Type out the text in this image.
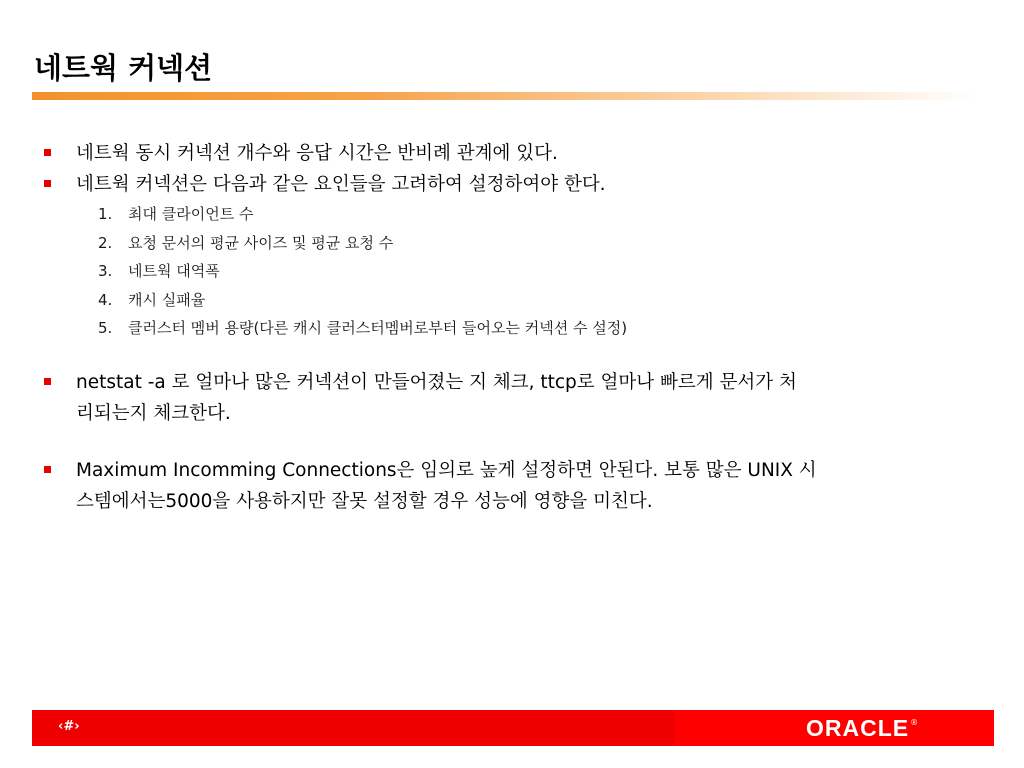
네트웍 커넥션
네트웍 동시 커넥션 개수와 응답 시간은 반비례 관계에 있다.
네트웍 커넥션은 다음과 같은 요인들을 고려하여 설정하여야 한다.
1. 최대 클라이언트 수
2. 요청 문서의 평균 사이즈 및 평균 요청 수
3. 네트웍 대역폭
4. 캐시 실패율
5. 클러스터 멤버 용량(다른 캐시 클러스터멤버로부터 들어오는 커넥션 수 설정)
netstat -a 로 얼마나 많은 커넥션이 만들어졌는 지 체크, ttcp로 얼마나 빠르게 문서가 처
리되는지 체크한다.
Maximum Incomming Connections은 임의로 높게 설정하면 안된다. 보통 많은 UNIX 시
스템에서는5000을 사용하지만 잘못 설정할 경우 성능에 영향을 미친다.
‹#›	ORACLE ®
